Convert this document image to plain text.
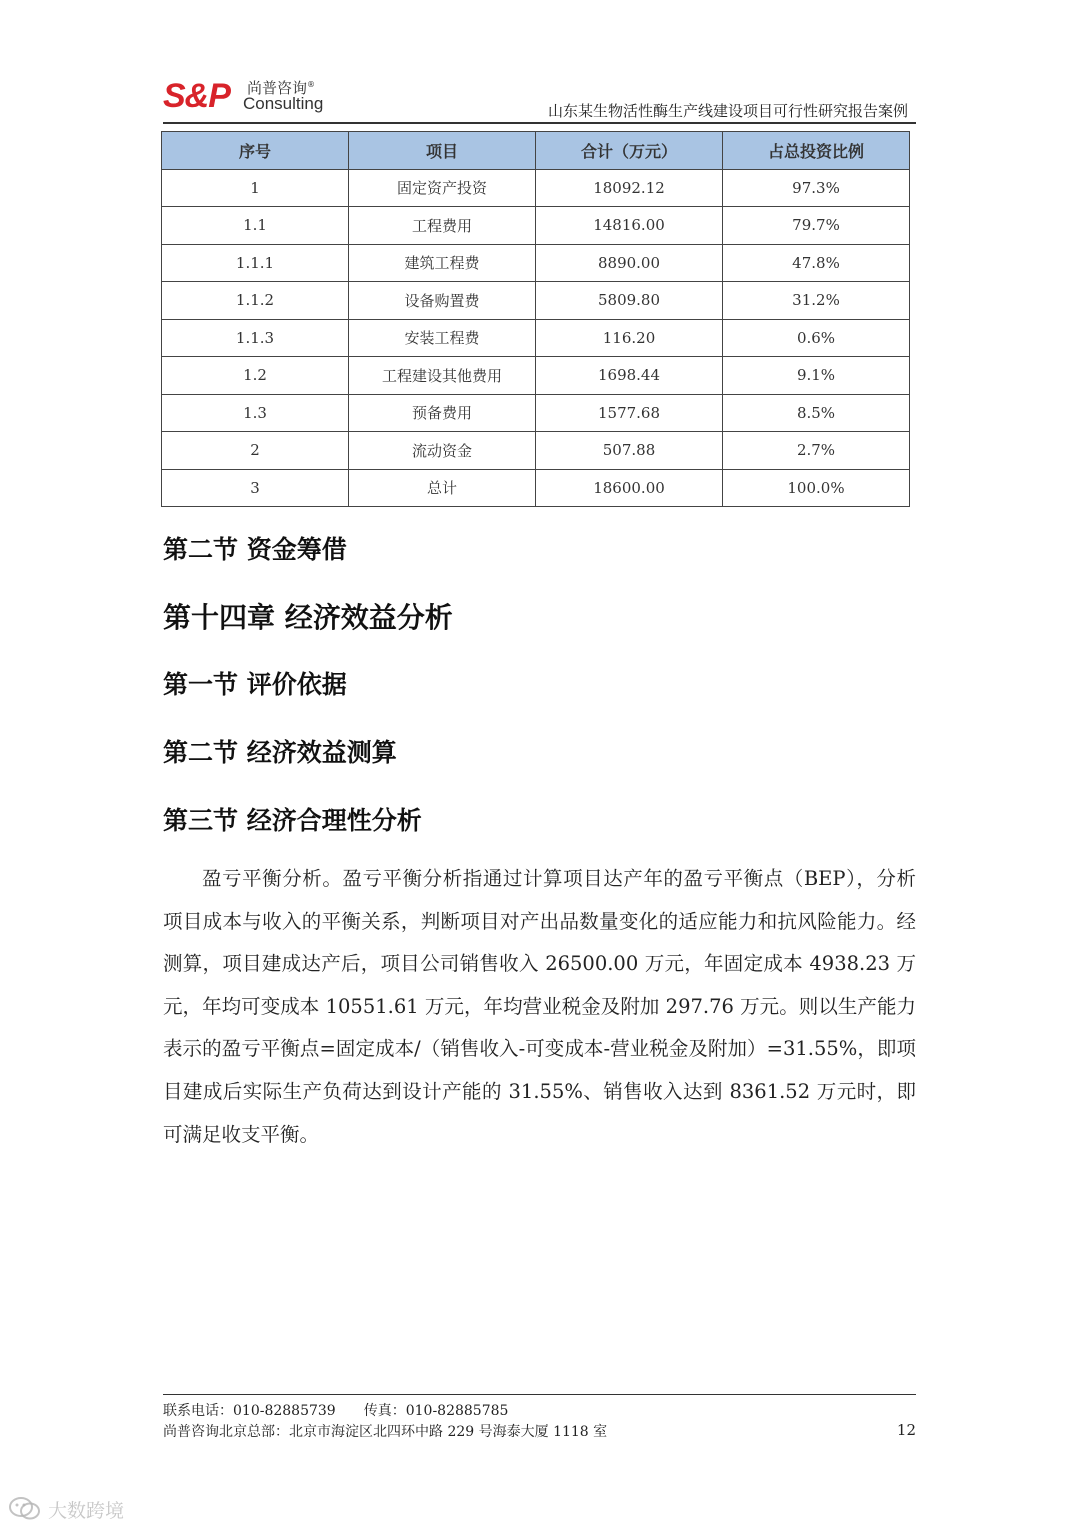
S&P 尚普咨询®
Consulting	山东某生物活性酶生产线建设项目可行性研究报告案例
序号	项目	合计（万元）	占总投资比例
1	固定资产投资	18092.12	97.3%
1.1	工程费用	14816.00	79.7%
1.1.1	建筑工程费	8890.00	47.8%
1.1.2	设备购置费	5809.80	31.2%
1.1.3	安装工程费	116.20	0.6%
1.2	工程建设其他费用	1698.44	9.1%
1.3	预备费用	1577.68	8.5%
2	流动资金	507.88	2.7%
3	总计	18600.00	100.0%
第二节 资金筹借
第十四章 经济效益分析
第一节 评价依据
第二节 经济效益测算
第三节 经济合理性分析
盈亏平衡分析。盈亏平衡分析指通过计算项目达产年的盈亏平衡点（BEP），分析项目成本与收入的平衡关系，判断项目对产出品数量变化的适应能力和抗风险能力。经测算，项目建成达产后，项目公司销售收入 26500.00 万元，年固定成本 4938.23 万元，年均可变成本 10551.61 万元，年均营业税金及附加 297.76 万元。则以生产能力表示的盈亏平衡点=固定成本/（销售收入-可变成本-营业税金及附加）=31.55%，即项目建成后实际生产负荷达到设计产能的 31.55%、销售收入达到 8361.52 万元时，即可满足收支平衡。
联系电话：010-82885739 传真：010-82885785
尚普咨询北京总部：北京市海淀区北四环中路 229 号海泰大厦 1118 室	12
大数跨境
